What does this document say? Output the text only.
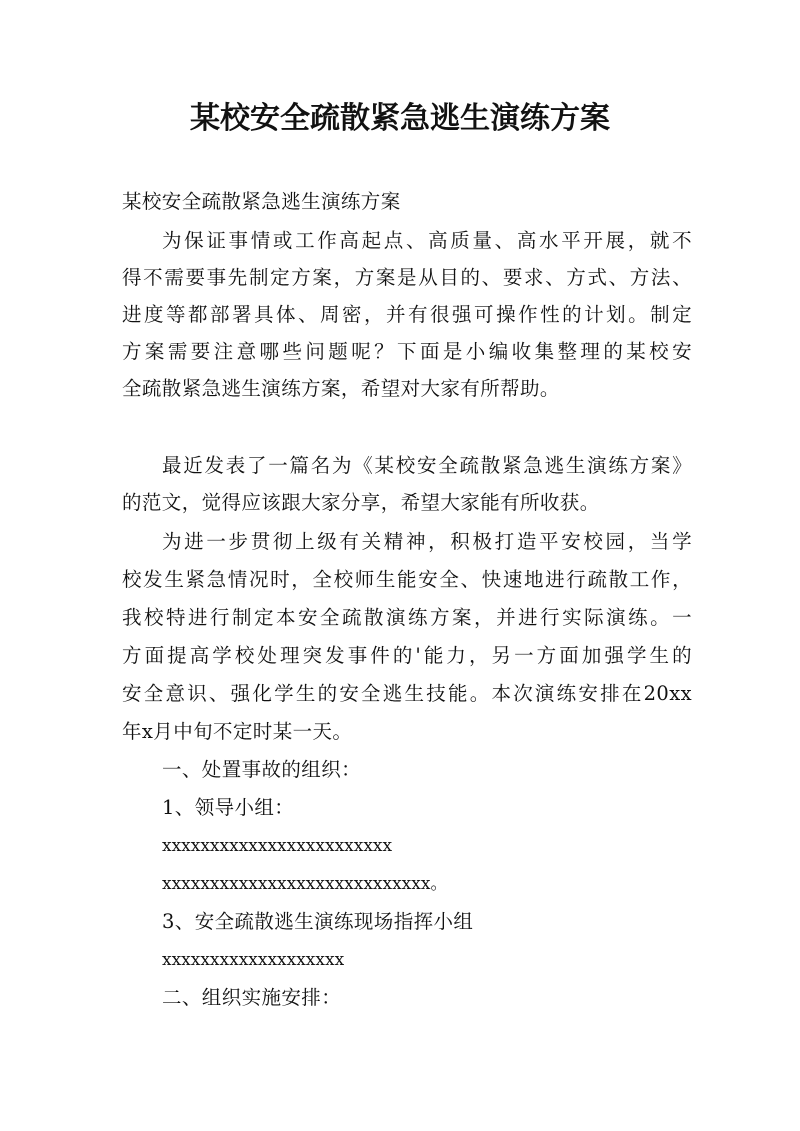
某校安全疏散紧急逃生演练方案
某校安全疏散紧急逃生演练方案
为保证事情或工作高起点、高质量、高水平开展，就不
得不需要事先制定方案，方案是从目的、要求、方式、方法、
进度等都部署具体、周密，并有很强可操作性的计划。制定
方案需要注意哪些问题呢？下面是小编收集整理的某校安
全疏散紧急逃生演练方案，希望对大家有所帮助。
最近发表了一篇名为《某校安全疏散紧急逃生演练方案》
的范文，觉得应该跟大家分享，希望大家能有所收获。
为进一步贯彻上级有关精神，积极打造平安校园，当学
校发生紧急情况时，全校师生能安全、快速地进行疏散工作，
我校特进行制定本安全疏散演练方案，并进行实际演练。一
方面提高学校处理突发事件的'能力，另一方面加强学生的
安全意识、强化学生的安全逃生技能。本次演练安排在20xx
年x月中旬不定时某一天。
一、处置事故的组织：
1、领导小组：
xxxxxxxxxxxxxxxxxxxxxxxx
xxxxxxxxxxxxxxxxxxxxxxxxxxxx。
3、安全疏散逃生演练现场指挥小组
xxxxxxxxxxxxxxxxxxx
二、组织实施安排：
